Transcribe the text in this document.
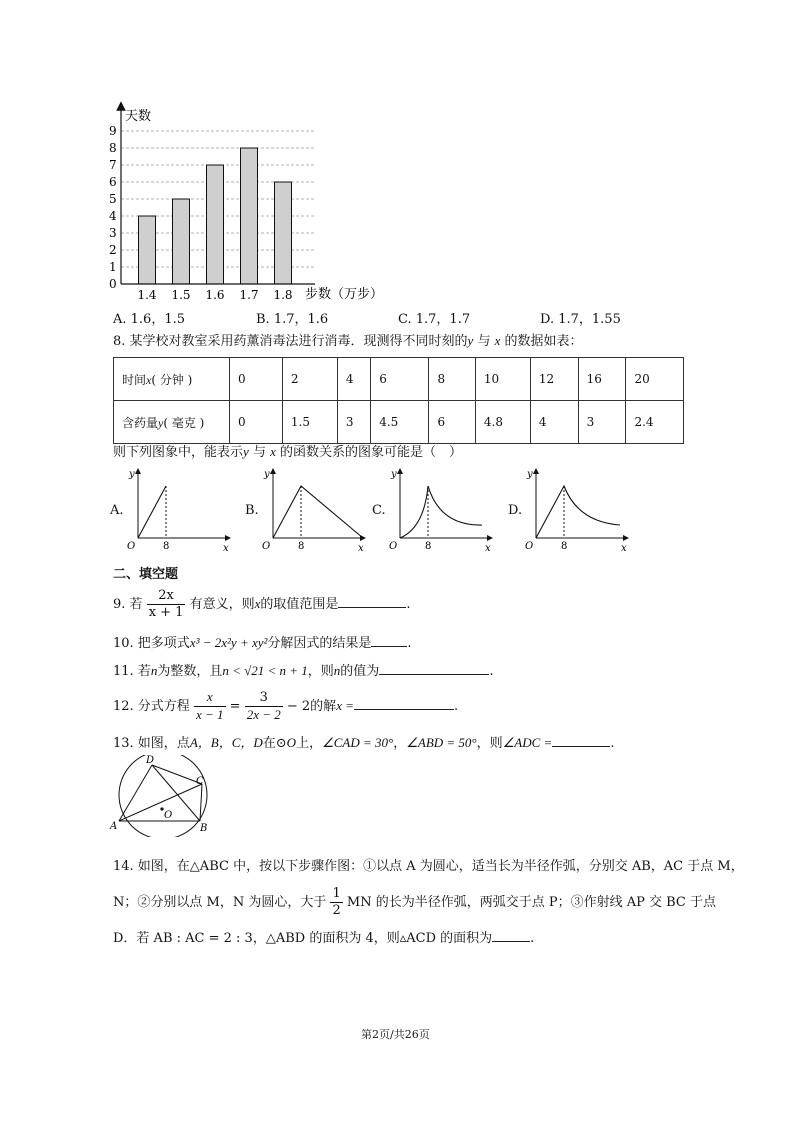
0
1
2
3
4
5
6
7
8
9
1.4 1.5 1.6 1.7 1.8
天数
步数（万步）
A. 1.6，1.5	B. 1.7，1.6	C. 1.7，1.7	D. 1.7，1.55
8. 某学校对教室采用药薰消毒法进行消毒．现测得不同时刻的y 与 x 的数据如表：
时间x( 分钟 )	0	2	4	6	8	10	12	16	20
含药量y( 毫克 )	0	1.5	3	4.5	6	4.8	4	3	2.4
则下列图象中，能表示y 与 x 的函数关系的图象可能是（　）
A.
y
x
O	8
B.
y
x
O	8
C.
y
x
O	8
D.
y
x
O	8
二、填空题
9. 若 $\frac{2x}{x + 1}$ 有意义，则x的取值范围是	.
10. 把多项式x³ − 2x²y + xy²分解因式的结果是	.
11. 若n为整数，且n < √21 < n + 1，则n的值为	.
12. 分式方程 $\frac{x}{x - 1} = \frac{3}{2x - 2} - 2$的解x =	.
13. 如图，点A，B，C，D在⊙O上，∠CAD = 30°，∠ABD = 50°，则∠ADC =	.
D
C
A	B
O
14. 如图，在△ABC 中，按以下步骤作图：①以点 A 为圆心，适当长为半径作弧，分别交 AB，AC 于点 M，
N；②分别以点 M，N 为圆心，大于 $\frac{1}{2}$ MN 的长为半径作弧，两弧交于点 P；③作射线 AP 交 BC 于点
D．若 AB : AC = 2 : 3，△ABD 的面积为 4，则▵ACD 的面积为	.
第2页/共26页
